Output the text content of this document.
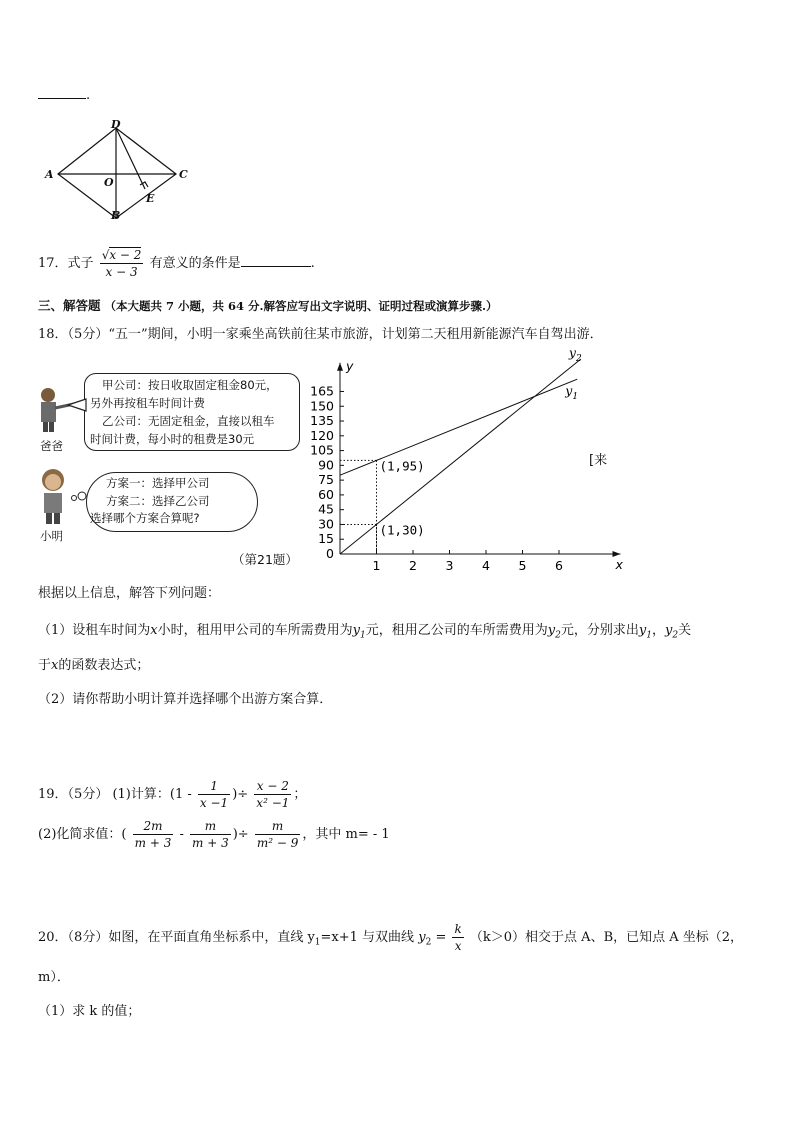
.
D
A
O
C
B
E
17．式子 $\frac{√x - 2}{x - 3}$ 有意义的条件是	.
三、解答题 （本大题共 7 小题，共 64 分.解答应写出文字说明、证明过程或演算步骤.）
18．（5分）“五一”期间，小明一家乘坐高铁前往某市旅游，计划第二天租用新能源汽车自驾出游．
爸爸
甲公司：按日收取固定租金80元，
另外再按租车时间计费
乙公司：无固定租金，直接以租车
时间计费，每小时的租费是30元
小明
方案一：选择甲公司
方案二：选择乙公司
选择哪个方案合算呢?
（第21题）	x
y
1 2 3 4 5 6
0
15
30
45
60
75
90
105
120
135
150
165	$y_1$
$y_2$
(1,95)
(1,30)
[来
根据以上信息，解答下列问题：
（1）设租车时间为x小时，租用甲公司的车所需费用为$y_1$元，租用乙公司的车所需费用为$y_2$元，分别求出$y_1$，$y_2$关
于x的函数表达式；
（2）请你帮助小明计算并选择哪个出游方案合算．
19．（5分） (1)计算：($1 - \frac{1}{x -1}$ )÷ $\frac{x - 2}{\text{x² −1}}$ ；
(2)化简求值：( $\frac{2m}{m + 3} - \frac{m}{m + 3}$ )÷ $\frac{m}{\text{m² − 9}}$ ，其中 m= - 1
20．（8分）如图，在平面直角坐标系中，直线 $y_1=x+1$ 与双曲线 $y_2 = \frac{k}{x} (k>0)$相交于点 A、B，已知点 A 坐标（2，
m）．
（1）求 k 的值；
